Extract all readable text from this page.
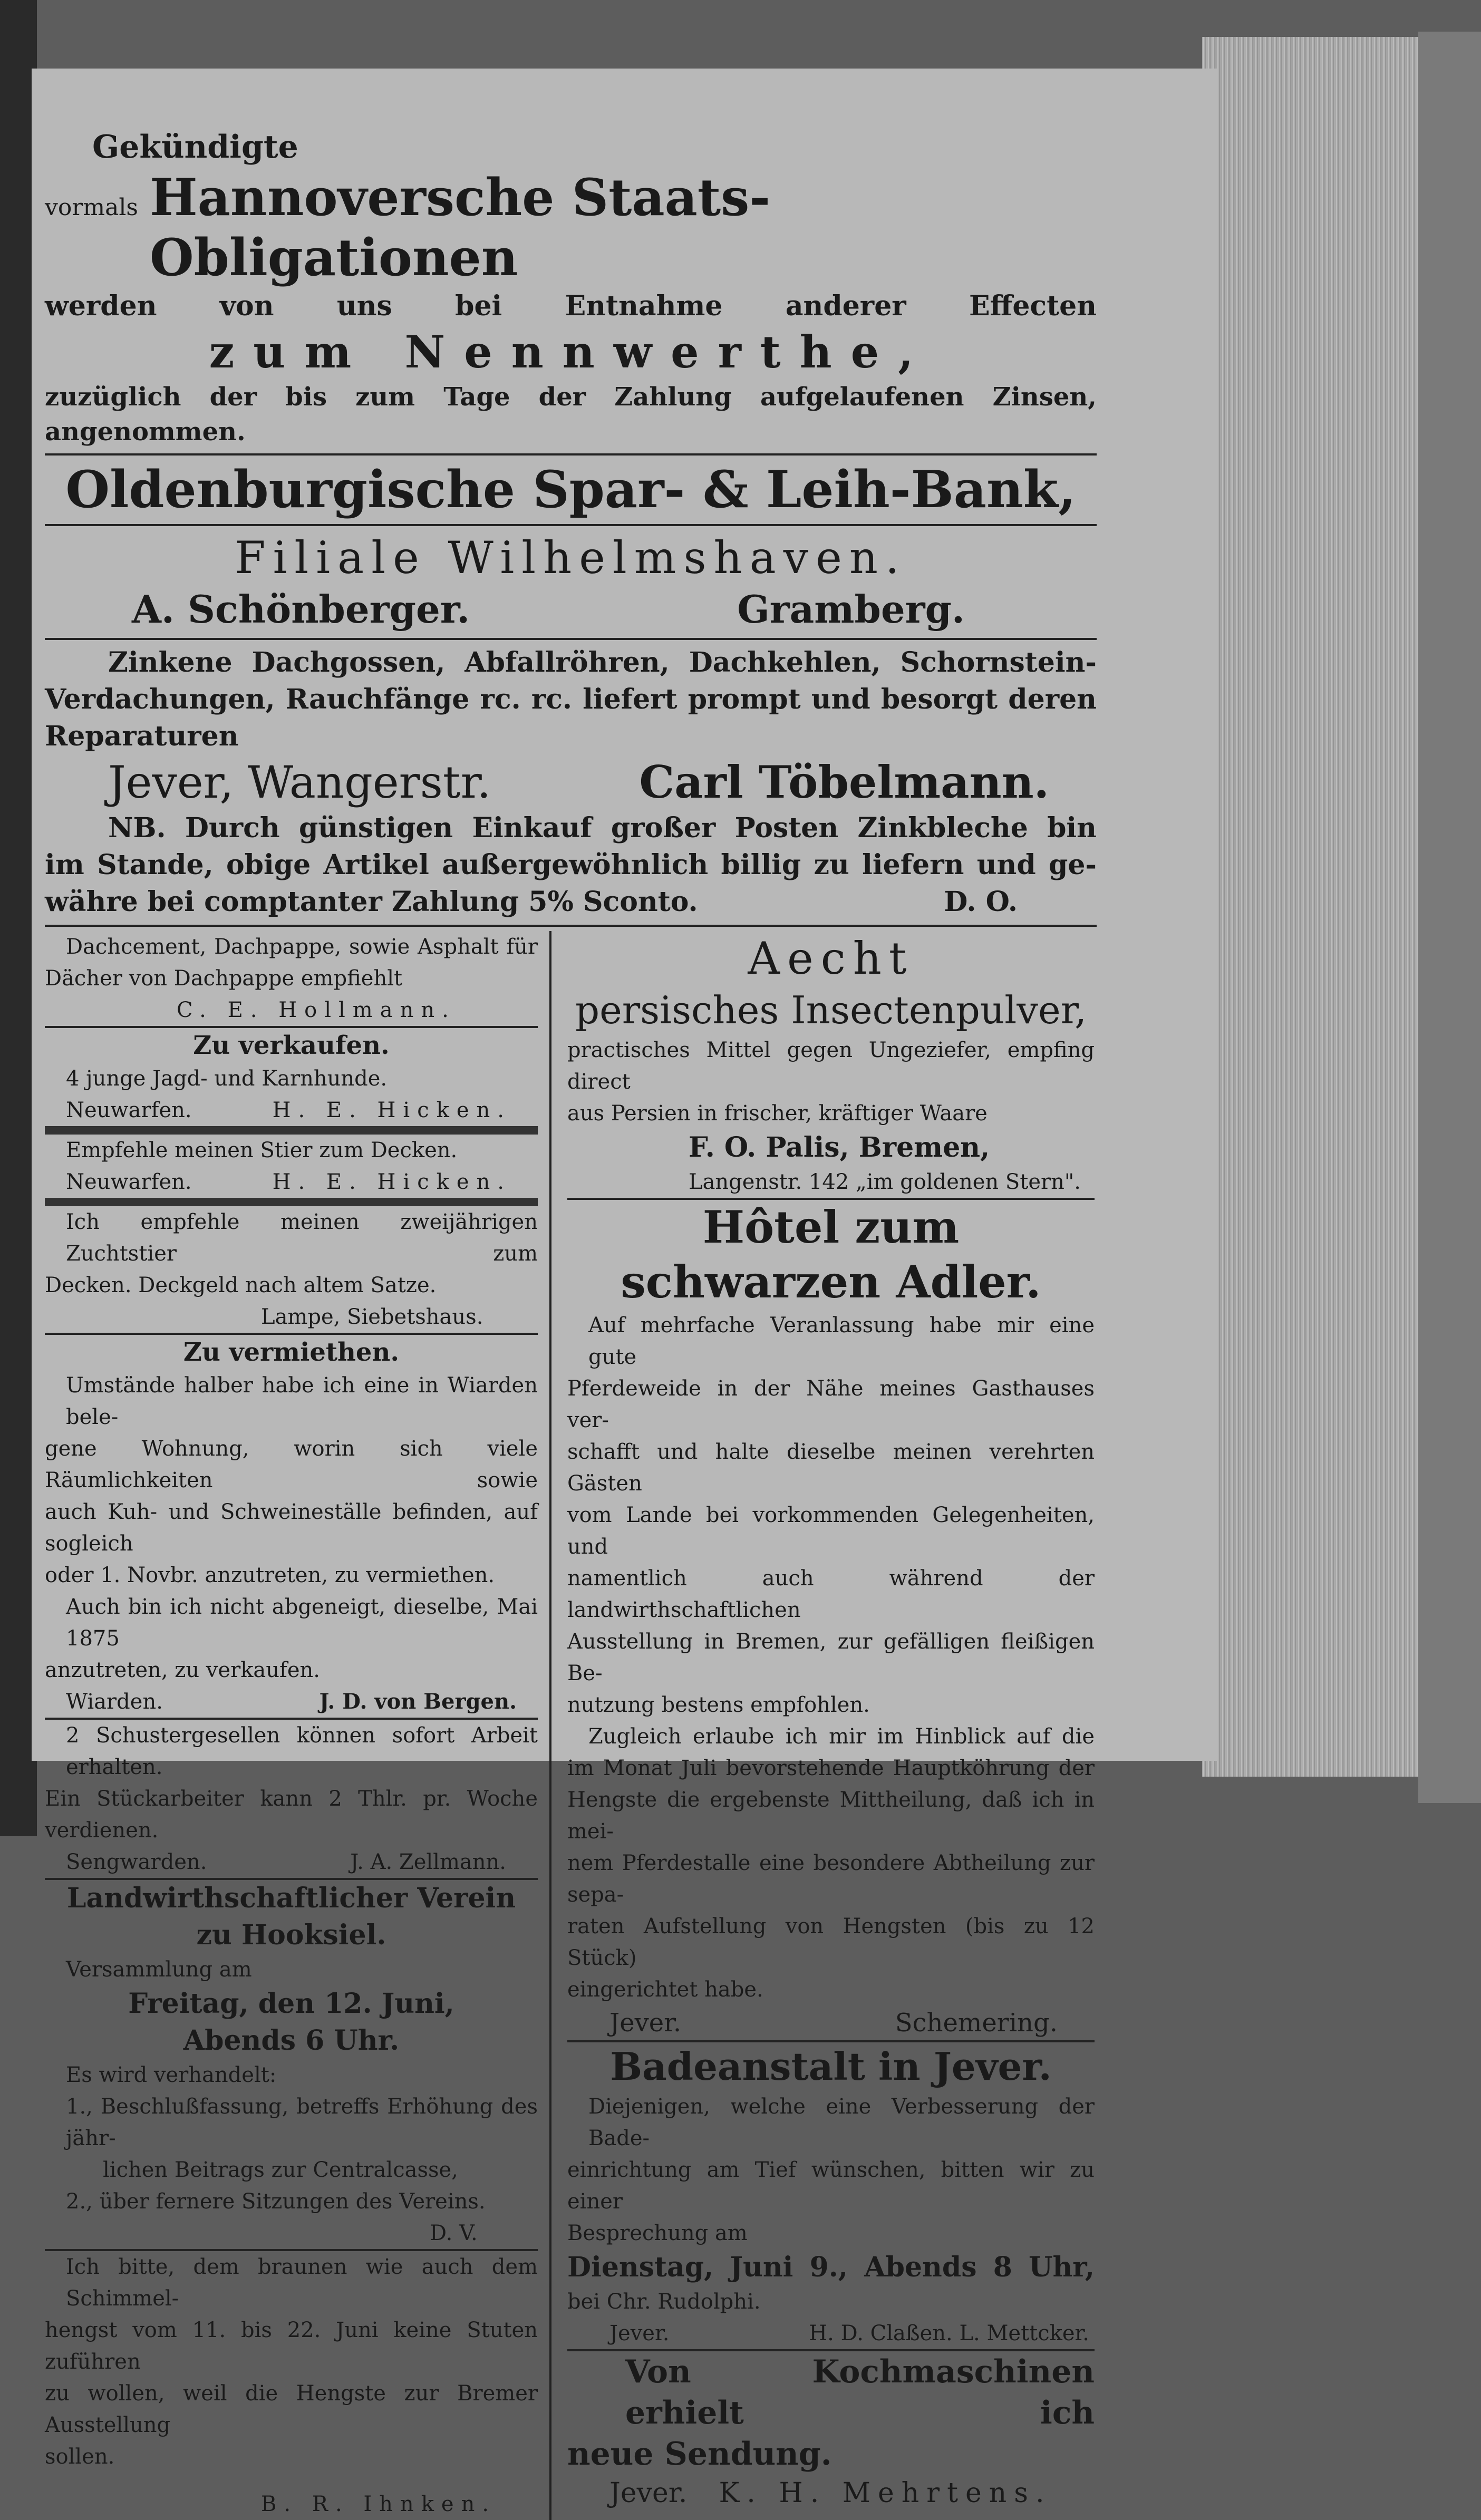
Gekündigte

vormals Hannoversche Staats-Obligationen

werden von uns bei Entnahme anderer Effecten

zum Nennwerthe,

zuzüglich der bis zum Tage der Zahlung aufgelaufenen Zinsen, angenommen.

Oldenburgische Spar- & Leih-Bank,

Filiale Wilhelmshaven.

A. Schönberger.	Gramberg.

Zinkene Dachgossen, Abfallröhren, Dachkehlen, Schornstein-

Verdachungen, Rauchfänge rc. rc. liefert prompt und besorgt deren

Reparaturen

Jever, Wangerstr.	Carl Töbelmann.

NB. Durch günstigen Einkauf großer Posten Zinkbleche bin

im Stande, obige Artikel außergewöhnlich billig zu liefern und ge-

währe bei comptanter Zahlung 5% Sconto.	D. O.

Dachcement, Dachpappe, sowie Asphalt für

Dächer von Dachpappe empfiehlt

C. E. Hollmann.

Zu verkaufen.

4 junge Jagd- und Karnhunde.

Neuwarfen.	H. E. Hicken.

Empfehle meinen Stier zum Decken.

Neuwarfen.	H. E. Hicken.

Ich empfehle meinen zweijährigen Zuchtstier zum

Decken. Deckgeld nach altem Satze.

Lampe, Siebetshaus.

Zu vermiethen.

Umstände halber habe ich eine in Wiarden bele-

gene Wohnung, worin sich viele Räumlichkeiten sowie

auch Kuh- und Schweineställe befinden, auf sogleich

oder 1. Novbr. anzutreten, zu vermiethen.

Auch bin ich nicht abgeneigt, dieselbe, Mai 1875

anzutreten, zu verkaufen.

Wiarden.	J. D. von Bergen.

2 Schustergesellen können sofort Arbeit erhalten.

Ein Stückarbeiter kann 2 Thlr. pr. Woche verdienen.

Sengwarden.	J. A. Zellmann.

Landwirthschaftlicher Verein

zu Hooksiel.

Versammlung am

Freitag, den 12. Juni,

Abends 6 Uhr.

Es wird verhandelt:

1., Beschlußfassung, betreffs Erhöhung des jähr-

lichen Beitrags zur Centralcasse,

2., über fernere Sitzungen des Vereins.

D. V.

Ich bitte, dem braunen wie auch dem Schimmel-

hengst vom 11. bis 22. Juni keine Stuten zuführen

zu wollen, weil die Hengste zur Bremer Ausstellung

sollen.

B. R. Ihnken.

Aecht

persisches Insectenpulver,

practisches Mittel gegen Ungeziefer, empfing direct

aus Persien in frischer, kräftiger Waare

F. O. Palis, Bremen,

Langenstr. 142 „im goldenen Stern".

Hôtel zum schwarzen Adler.

Auf mehrfache Veranlassung habe mir eine gute

Pferdeweide in der Nähe meines Gasthauses ver-

schafft und halte dieselbe meinen verehrten Gästen

vom Lande bei vorkommenden Gelegenheiten, und

namentlich auch während der landwirthschaftlichen

Ausstellung in Bremen, zur gefälligen fleißigen Be-

nutzung bestens empfohlen.

Zugleich erlaube ich mir im Hinblick auf die

im Monat Juli bevorstehende Hauptköhrung der

Hengste die ergebenste Mittheilung, daß ich in mei-

nem Pferdestalle eine besondere Abtheilung zur sepa-

raten Aufstellung von Hengsten (bis zu 12 Stück)

eingerichtet habe.

Jever.	Schemering.

Badeanstalt in Jever.

Diejenigen, welche eine Verbesserung der Bade-

einrichtung am Tief wünschen, bitten wir zu einer

Besprechung am

Dienstag, Juni 9., Abends 8 Uhr,

bei Chr. Rudolphi.

Jever.	H. D. Claßen. L. Mettcker.

Von Kochmaschinen erhielt ich

neue Sendung.

Jever. K. H. Mehrtens.
